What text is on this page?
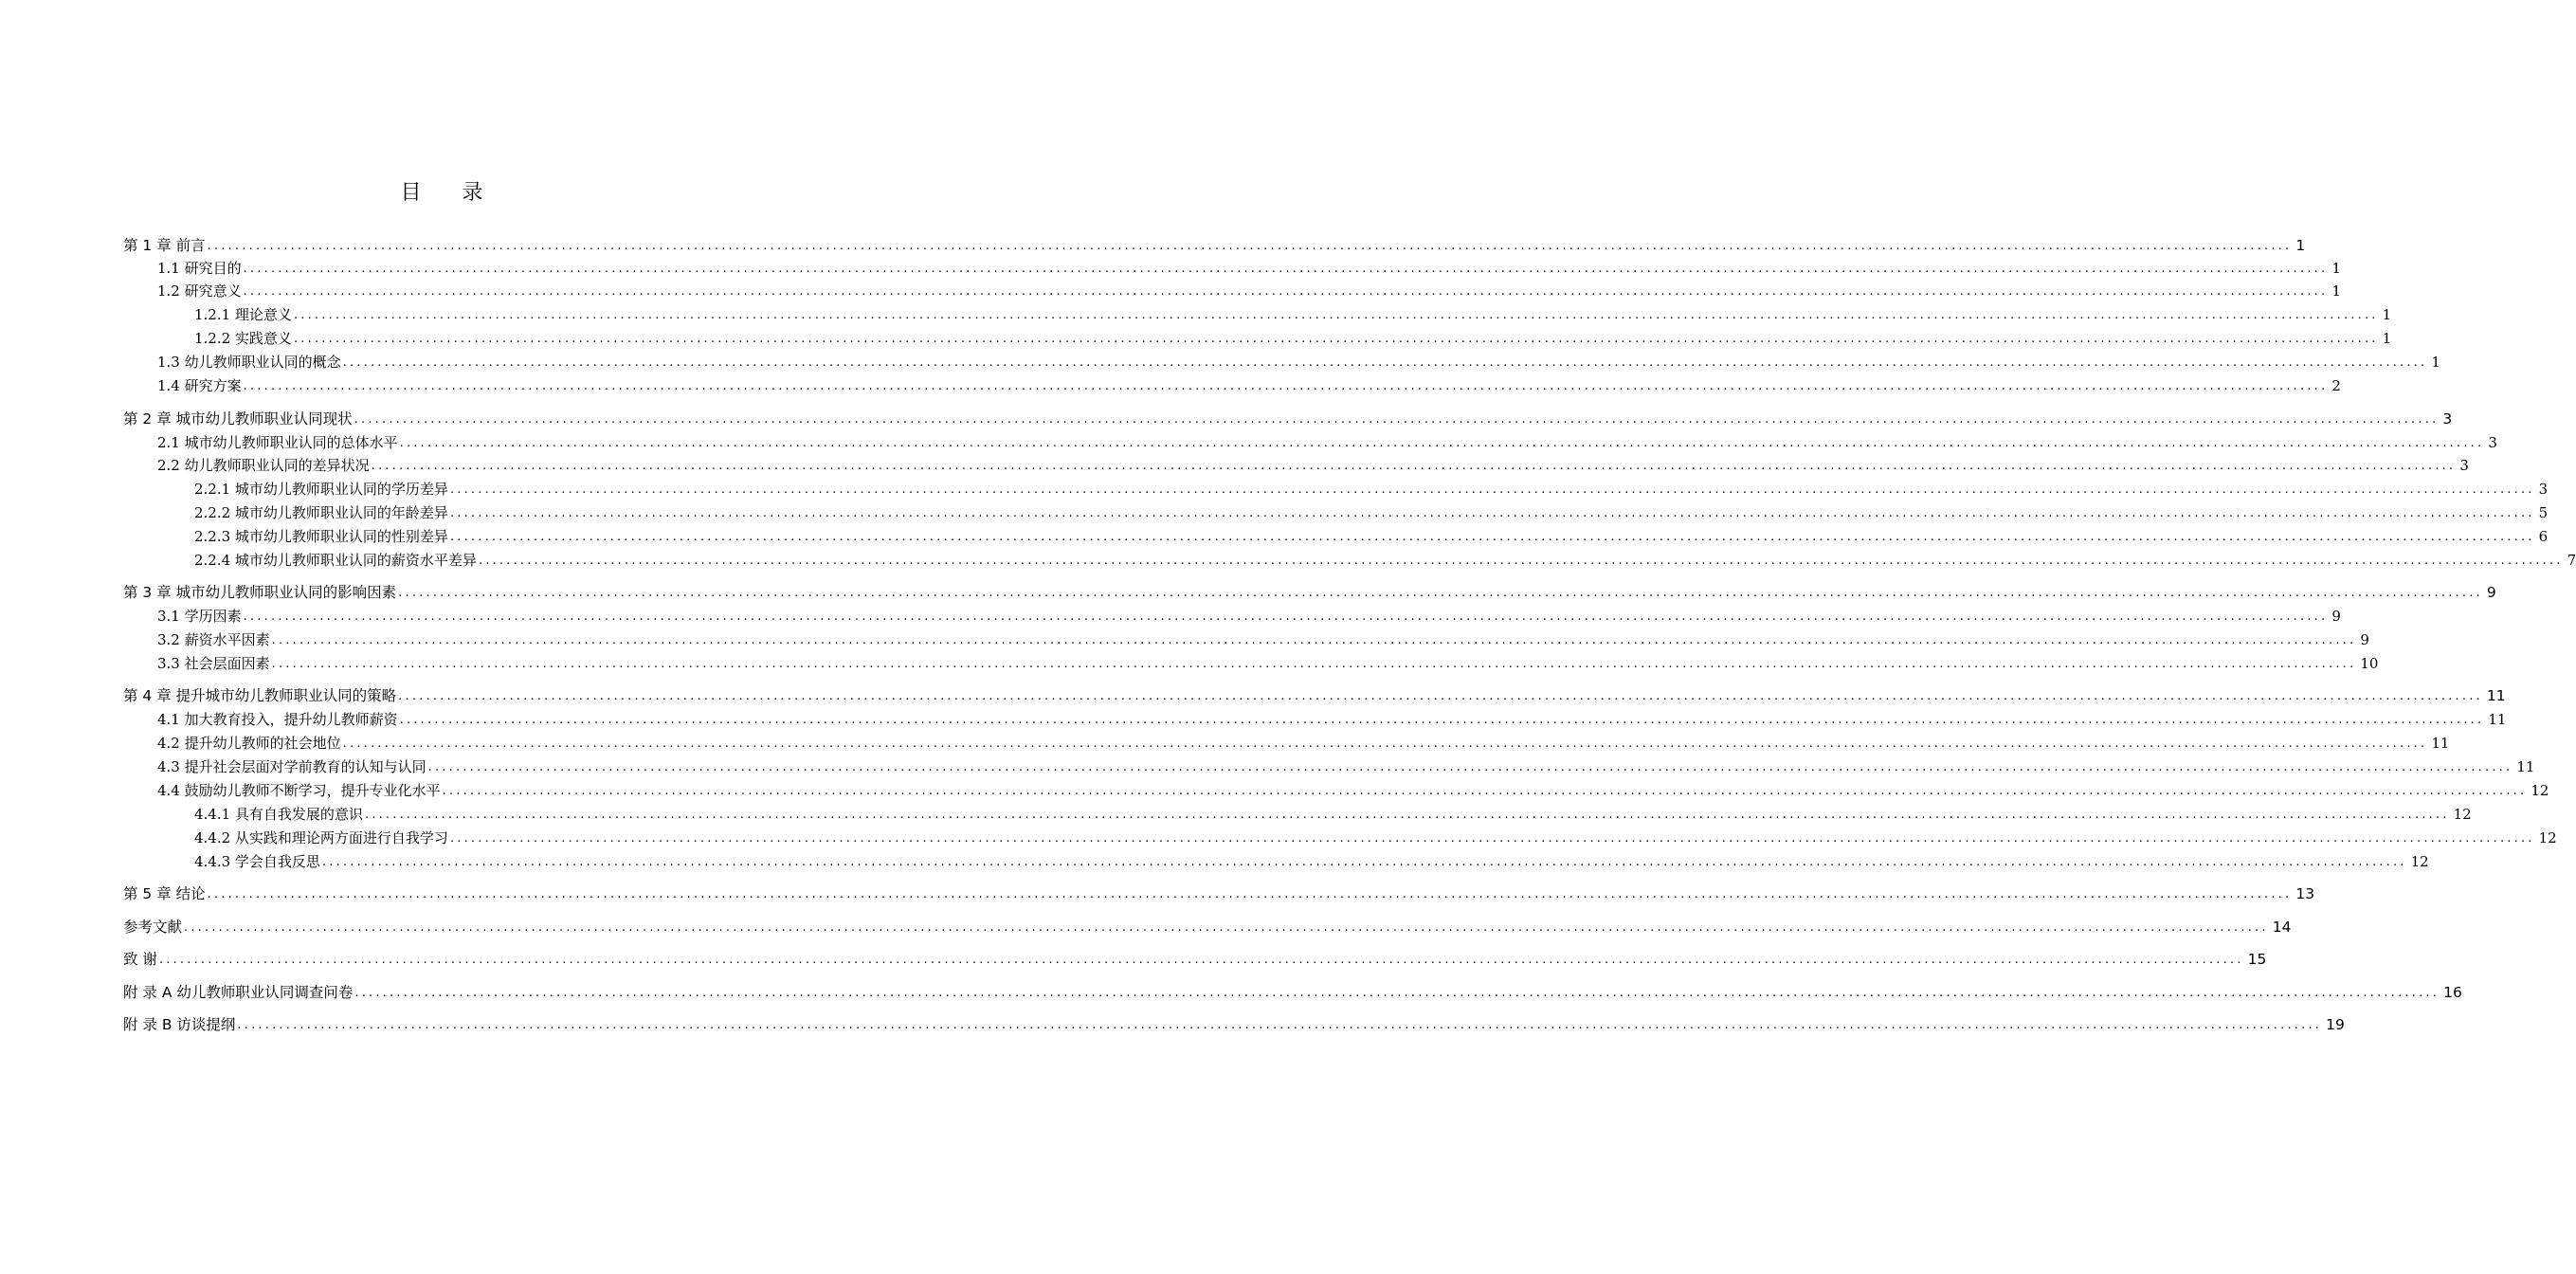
目 录
第 1 章 前言 ............................................................................................................................................................................................................................................................................................................ 1
1.1 研究目的 ............................................................................................................................................................................................................................................................................................................ 1
1.2 研究意义 ............................................................................................................................................................................................................................................................................................................ 1
1.2.1 理论意义 ............................................................................................................................................................................................................................................................................................................ 1
1.2.2 实践意义 ............................................................................................................................................................................................................................................................................................................ 1
1.3 幼儿教师职业认同的概念 ............................................................................................................................................................................................................................................................................................................ 1
1.4 研究方案 ............................................................................................................................................................................................................................................................................................................ 2
第 2 章 城市幼儿教师职业认同现状 ............................................................................................................................................................................................................................................................................................................ 3
2.1 城市幼儿教师职业认同的总体水平 ............................................................................................................................................................................................................................................................................................................ 3
2.2 幼儿教师职业认同的差异状况 ............................................................................................................................................................................................................................................................................................................ 3
2.2.1 城市幼儿教师职业认同的学历差异 ............................................................................................................................................................................................................................................................................................................ 3
2.2.2 城市幼儿教师职业认同的年龄差异 ............................................................................................................................................................................................................................................................................................................ 5
2.2.3 城市幼儿教师职业认同的性别差异 ............................................................................................................................................................................................................................................................................................................ 6
2.2.4 城市幼儿教师职业认同的薪资水平差异 ............................................................................................................................................................................................................................................................................................................ 7
第 3 章 城市幼儿教师职业认同的影响因素 ............................................................................................................................................................................................................................................................................................................ 9
3.1 学历因素 ............................................................................................................................................................................................................................................................................................................ 9
3.2 薪资水平因素 ............................................................................................................................................................................................................................................................................................................ 9
3.3 社会层面因素 ............................................................................................................................................................................................................................................................................................................ 10
第 4 章 提升城市幼儿教师职业认同的策略 ............................................................................................................................................................................................................................................................................................................ 11
4.1 加大教育投入，提升幼儿教师薪资 ............................................................................................................................................................................................................................................................................................................ 11
4.2 提升幼儿教师的社会地位 ............................................................................................................................................................................................................................................................................................................ 11
4.3 提升社会层面对学前教育的认知与认同 ............................................................................................................................................................................................................................................................................................................ 11
4.4 鼓励幼儿教师不断学习，提升专业化水平 ............................................................................................................................................................................................................................................................................................................ 12
4.4.1 具有自我发展的意识 ............................................................................................................................................................................................................................................................................................................ 12
4.4.2 从实践和理论两方面进行自我学习 ............................................................................................................................................................................................................................................................................................................ 12
4.4.3 学会自我反思 ............................................................................................................................................................................................................................................................................................................ 12
第 5 章 结论 ............................................................................................................................................................................................................................................................................................................ 13
参考文献 ............................................................................................................................................................................................................................................................................................................ 14
致 谢 ............................................................................................................................................................................................................................................................................................................ 15
附 录 A 幼儿教师职业认同调查问卷 ............................................................................................................................................................................................................................................................................................................ 16
附 录 B 访谈提纲 ............................................................................................................................................................................................................................................................................................................ 19
